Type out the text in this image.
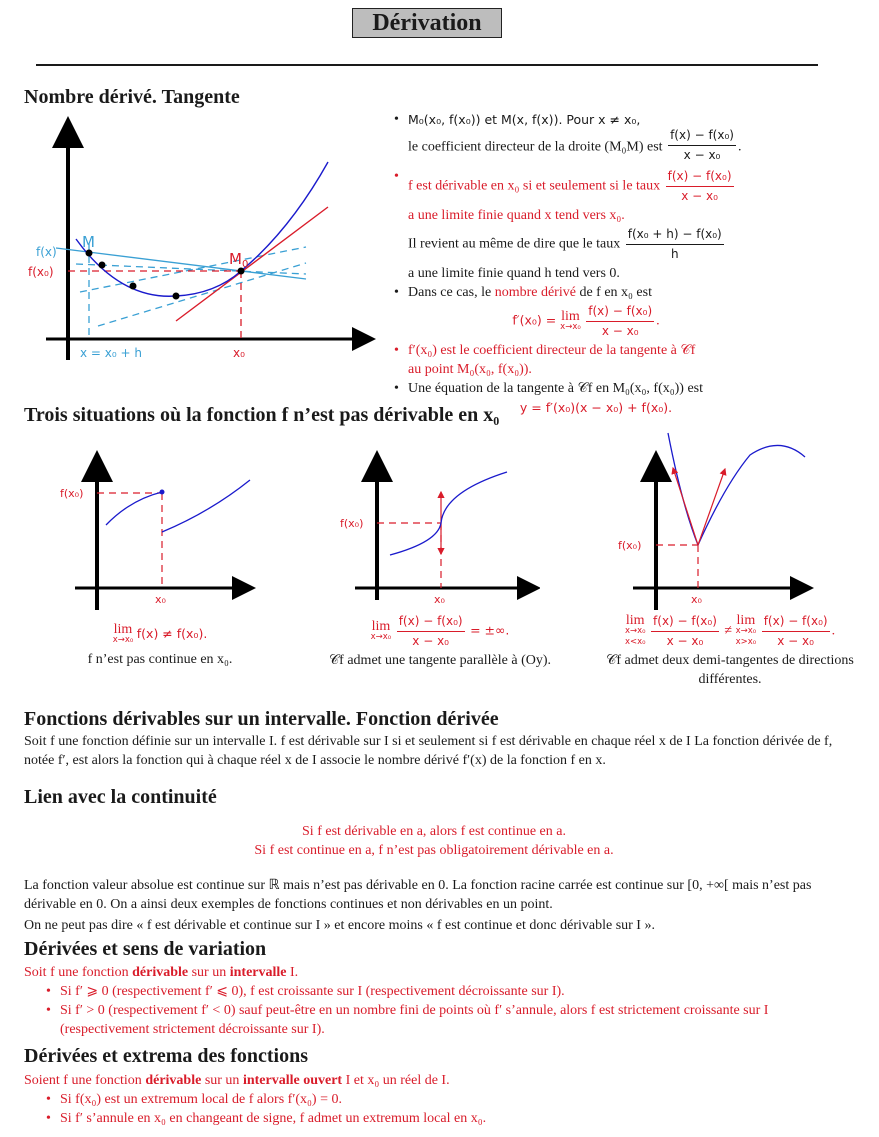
Dérivation
Nombre dérivé. Tangente
M
$M_0$
f(x)
f(x₀)
x = x₀ + h	x₀
• M₀(x₀, f(x₀)) et M(x, f(x)). Pour x ≠ x₀,
le coefficient directeur de la droite (M₀M) est $\frac{\text{f(x) − f(x₀)}}{\text{x − x₀}}$ .
• f est dérivable en x₀ si et seulement si le taux $\frac{\text{f(x) − f(x₀)}}{\text{x − x₀}}$

a une limite finie quand x tend vers x₀.
Il revient au même de dire que le taux $\frac{\text{f(x₀ + h) − f(x₀)}}{h}$

a une limite finie quand h tend vers 0.
• Dans ce cas, le nombre dérivé de f en x₀ est
f′(x₀) = lim
x→x₀
$\frac{\text{f(x) − f(x₀)}}{\text{x − x₀}}$ .
• f′(x₀) est le coefficient directeur de la tangente à 𝒞f
au point M₀(x₀, f(x₀)).
• Une équation de la tangente à 𝒞f en M₀(x₀, f(x₀)) est
y = f′(x₀)(x − x₀) + f(x₀).
Trois situations où la fonction f n’est pas dérivable en x₀
f(x₀)
x₀
lim
x→x₀ f(x) ≠ f(x₀).
f n’est pas continue en x₀.
f(x₀)
x₀
lim
x→x₀
$\frac{\text{f(x) − f(x₀)}}{\text{x − x₀}}$ = ±∞.
𝒞f admet une tangente parallèle à (Oy).
f(x₀)
x₀
lim
x→x₀
x<x₀
$\frac{\text{f(x) − f(x₀)}}{\text{x − x₀}}$ ≠
lim
x→x₀
x>x₀
$\frac{\text{f(x) − f(x₀)}}{\text{x − x₀}}$ .
𝒞f admet deux demi-tangentes de directions différentes.
Fonctions dérivables sur un intervalle. Fonction dérivée
Soit f une fonction définie sur un intervalle I. f est dérivable sur I si et seulement si f est dérivable en chaque réel x de I La fonction dérivée de f, notée f′, est alors la fonction qui à chaque réel x de I associe le nombre dérivé f′(x) de la fonction f en x.
Lien avec la continuité
Si f est dérivable en a, alors f est continue en a.
Si f est continue en a, f n’est pas obligatoirement dérivable en a.
La fonction valeur absolue est continue sur ℝ mais n’est pas dérivable en 0. La fonction racine carrée est continue sur [0, +∞[ mais n’est pas dérivable en 0. On a ainsi deux exemples de fonctions continues et non dérivables en un point.
On ne peut pas dire « f est dérivable et continue sur I » et encore moins « f est continue et donc dérivable sur I ».
Dérivées et sens de variation
Soit f une fonction dérivable sur un intervalle I.
• Si f′ ⩾ 0 (respectivement f′ ⩽ 0), f est croissante sur I (respectivement décroissante sur I).
• Si f′ > 0 (respectivement f′ < 0) sauf peut-être en un nombre fini de points où f′ s’annule, alors f est strictement croissante sur I (respectivement strictement décroissante sur I).
Dérivées et extrema des fonctions
Soient f une fonction dérivable sur un intervalle ouvert I et x₀ un réel de I.
• Si f(x₀) est un extremum local de f alors f′(x₀) = 0.
• Si f′ s’annule en x₀ en changeant de signe, f admet un extremum local en x₀.
